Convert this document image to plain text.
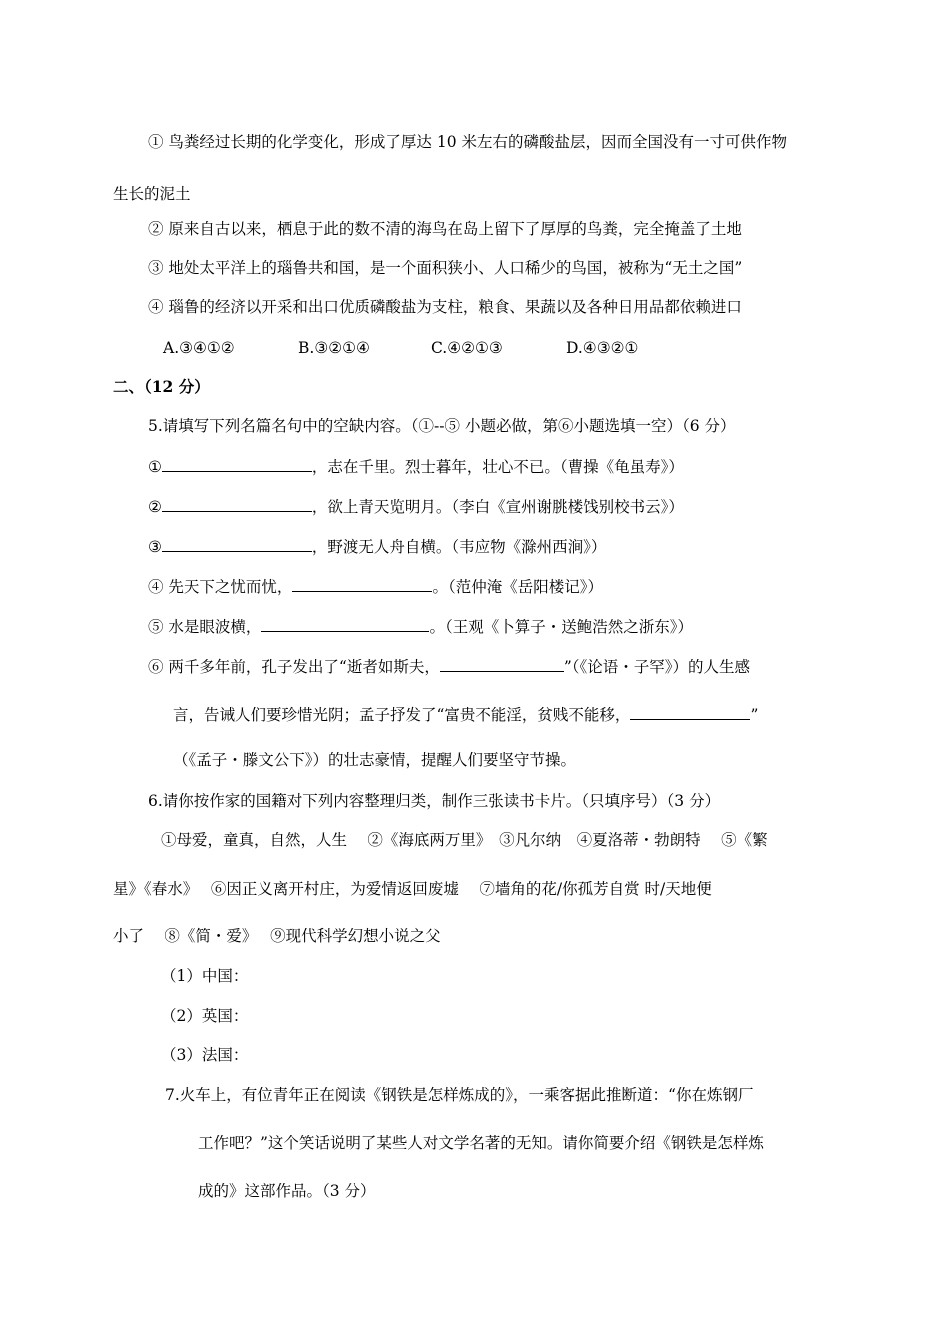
① 鸟粪经过长期的化学变化，形成了厚达 10 米左右的磷酸盐层，因而全国没有一寸可供作物
生长的泥土
② 原来自古以来，栖息于此的数不清的海鸟在岛上留下了厚厚的鸟粪，完全掩盖了土地
③ 地处太平洋上的瑙鲁共和国，是一个面积狭小、人口稀少的鸟国，被称为“无土之国”
④ 瑙鲁的经济以开采和出口优质磷酸盐为支柱，粮食、果蔬以及各种日用品都依赖进口
A.③④①②	B.③②①④	C.④②①③	D.④③②①
二、（12 分）
5.请填写下列名篇名句中的空缺内容。（①--⑤ 小题必做，第⑥小题选填一空）（6 分）
①	，志在千里。烈士暮年，壮心不已。（曹操《龟虽寿》）
②	，欲上青天览明月。（李白《宣州谢朓楼饯别校书云》）
③	，野渡无人舟自横。（韦应物《滁州西涧》）
④ 先天下之忧而忧，	。（范仲淹《岳阳楼记》）
⑤ 水是眼波横，	。（王观《卜算子・送鲍浩然之浙东》）
⑥ 两千多年前，孔子发出了“逝者如斯夫，	”（《论语・子罕》）的人生感
言，告诫人们要珍惜光阴；孟子抒发了“富贵不能淫，贫贱不能移，	”
（《孟子・滕文公下》）的壮志豪情，提醒人们要坚守节操。
6.请你按作家的国籍对下列内容整理归类，制作三张读书卡片。（只填序号）（3 分）
①母爱，童真，自然，人生　 ②《海底两万里》　③凡尔纳　④夏洛蒂・勃朗特　 ⑤《繁
星》《春水》　 ⑥因正义离开村庄，为爱情返回废墟　 ⑦墙角的花/你孤芳自赏 时/天地便
小了　 ⑧《简・爱》　 ⑨现代科学幻想小说之父
（1）中国：
（2）英国：
（3）法国：
7.火车上，有位青年正在阅读《钢铁是怎样炼成的》，一乘客据此推断道：“你在炼钢厂
工作吧？”这个笑话说明了某些人对文学名著的无知。请你简要介绍《钢铁是怎样炼
成的》这部作品。（3 分）
